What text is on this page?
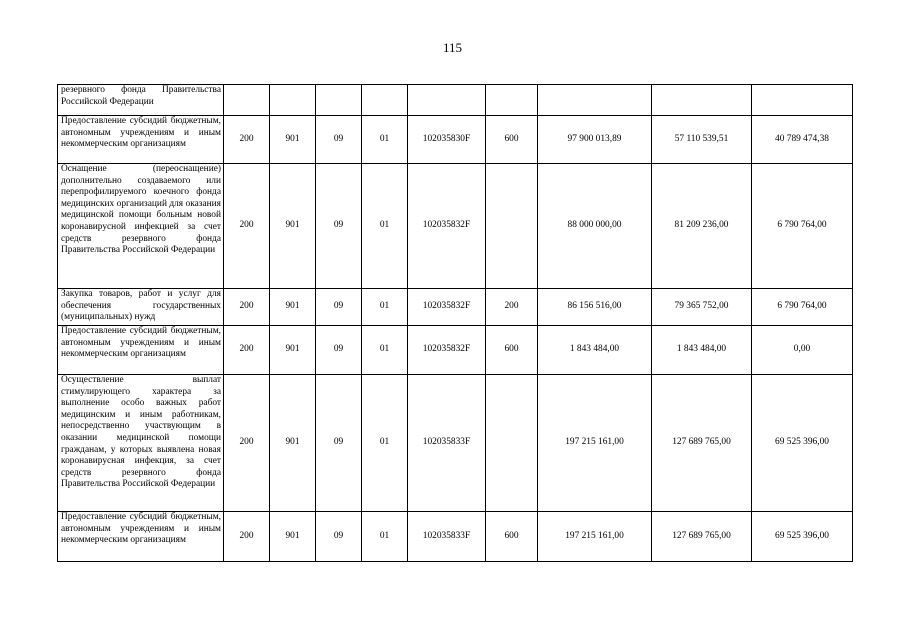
115
резервного фонда Правительства Российской Федерации									
Предоставление субсидий бюджетным, автономным учреждениям и иным некоммерческим организациям	200	901	09	01	102035830F	600	97 900 013,89	57 110 539,51	40 789 474,38
Оснащение (переоснащение) дополнительно создаваемого или перепрофилируемого коечного фонда медицинских организаций для оказания медицинской помощи больным новой коронавирусной инфекцией за счет средств резервного фонда Правительства Российской Федерации	200	901	09	01	102035832F		88 000 000,00	81 209 236,00	6 790 764,00
Закупка товаров, работ и услуг для обеспечения государственных (муниципальных) нужд	200	901	09	01	102035832F	200	86 156 516,00	79 365 752,00	6 790 764,00
Предоставление субсидий бюджетным, автономным учреждениям и иным некоммерческим организациям	200	901	09	01	102035832F	600	1 843 484,00	1 843 484,00	0,00
Осуществление выплат стимулирующего характера за выполнение особо важных работ медицинским и иным работникам, непосредственно участвующим в оказании медицинской помощи гражданам, у которых выявлена новая коронавирусная инфекция, за счет средств резервного фонда Правительства Российской Федерации	200	901	09	01	102035833F		197 215 161,00	127 689 765,00	69 525 396,00
Предоставление субсидий бюджетным, автономным учреждениям и иным некоммерческим организациям	200	901	09	01	102035833F	600	197 215 161,00	127 689 765,00	69 525 396,00
